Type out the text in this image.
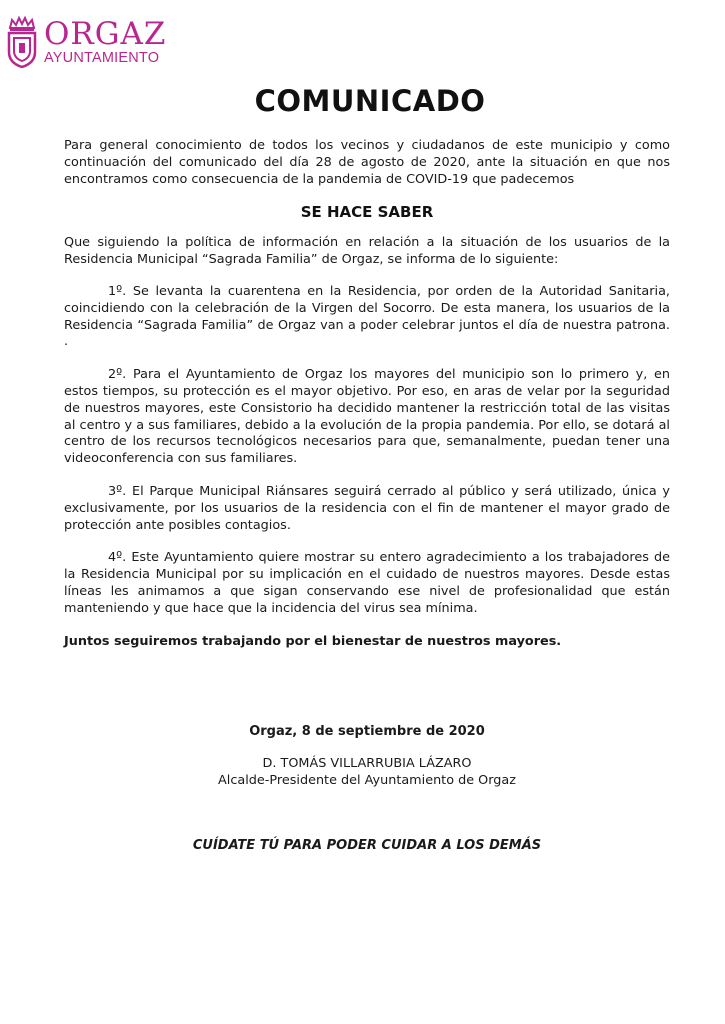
ORGAZ
AYUNTAMIENTO
COMUNICADO

Para general conocimiento de todos los vecinos y ciudadanos de este municipio y como continuación del comunicado del día 28 de agosto de 2020, ante la situación en que nos encontramos como consecuencia de la pandemia de COVID-19 que padecemos

SE HACE SABER

Que siguiendo la política de información en relación a la situación de los usuarios de la Residencia Municipal “Sagrada Familia” de Orgaz, se informa de lo siguiente:

1º. Se levanta la cuarentena en la Residencia, por orden de la Autoridad Sanitaria, coincidiendo con la celebración de la Virgen del Socorro. De esta manera, los usuarios de la Residencia “Sagrada Familia” de Orgaz van a poder celebrar juntos el día de nuestra patrona. .

2º. Para el Ayuntamiento de Orgaz los mayores del municipio son lo primero y, en estos tiempos, su protección es el mayor objetivo. Por eso, en aras de velar por la seguridad de nuestros mayores, este Consistorio ha decidido mantener la restricción total de las visitas al centro y a sus familiares, debido a la evolución de la propia pandemia. Por ello, se dotará al centro de los recursos tecnológicos necesarios para que, semanalmente, puedan tener una videoconferencia con sus familiares.

3º. El Parque Municipal Riánsares seguirá cerrado al público y será utilizado, única y exclusivamente, por los usuarios de la residencia con el fin de mantener el mayor grado de protección ante posibles contagios.

4º. Este Ayuntamiento quiere mostrar su entero agradecimiento a los trabajadores de la Residencia Municipal por su implicación en el cuidado de nuestros mayores. Desde estas líneas les animamos a que sigan conservando ese nivel de profesionalidad que están manteniendo y que hace que la incidencia del virus sea mínima.

Juntos seguiremos trabajando por el bienestar de nuestros mayores.

Orgaz, 8 de septiembre de 2020
D. TOMÁS VILLARRUBIA LÁZARO
Alcalde-Presidente del Ayuntamiento de Orgaz
CUÍDATE TÚ PARA PODER CUIDAR A LOS DEMÁS
